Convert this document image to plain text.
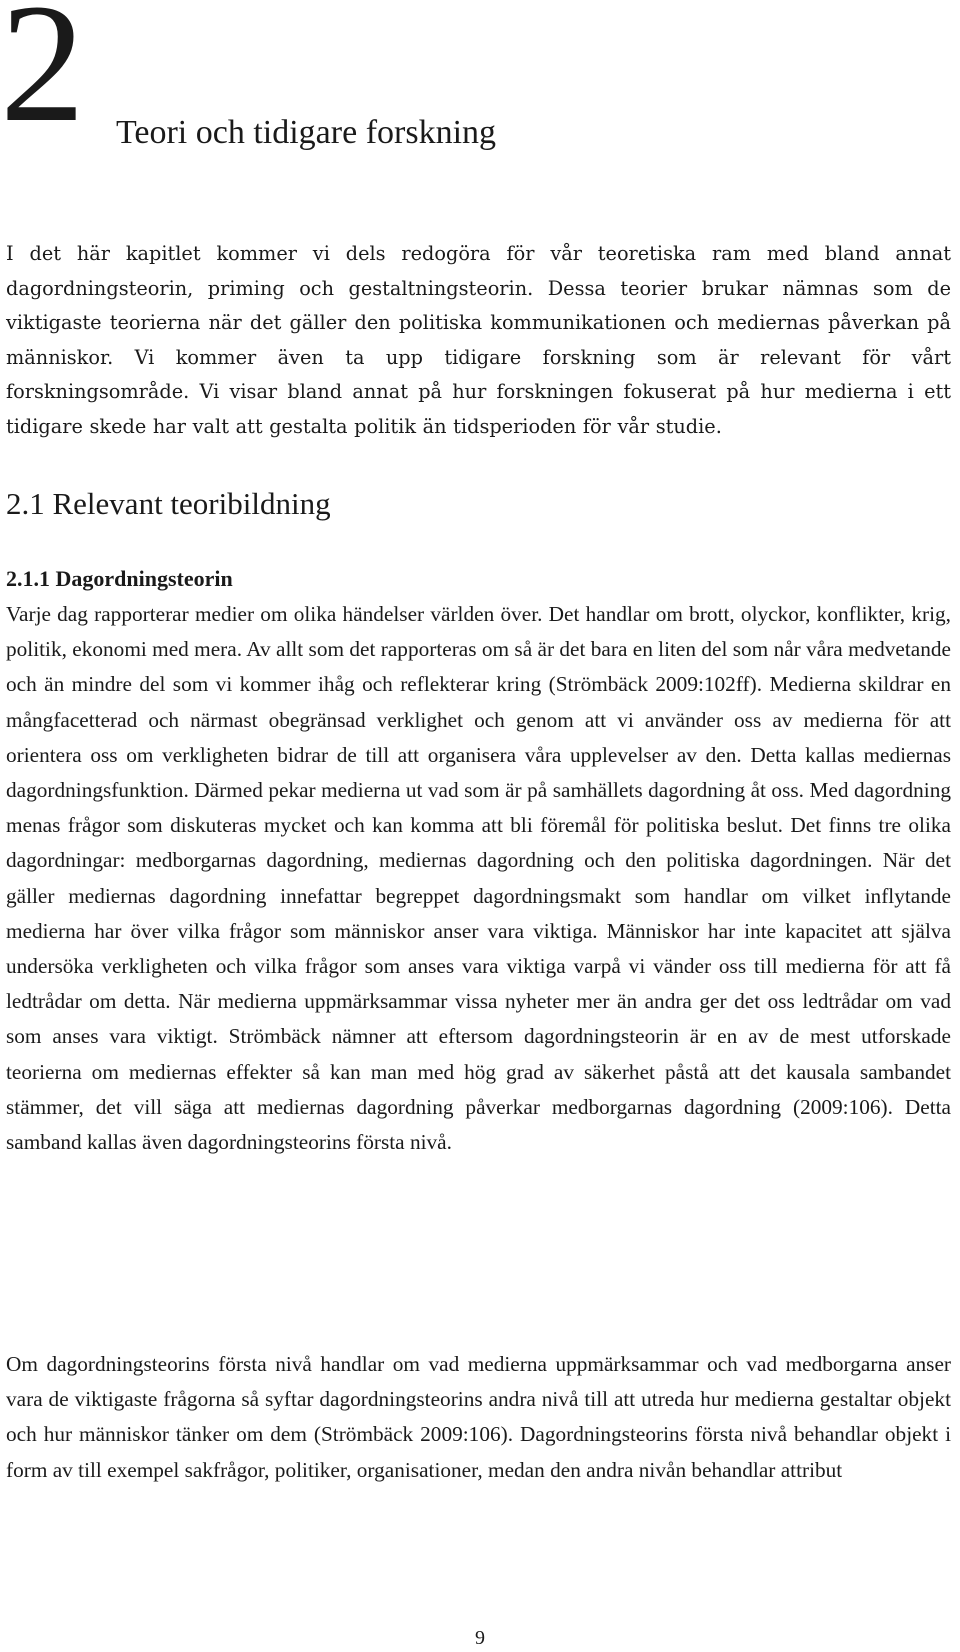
2 Teori och tidigare forskning

I det här kapitlet kommer vi dels redogöra för vår teoretiska ram med bland annat dagordningsteorin, priming och gestaltningsteorin. Dessa teorier brukar nämnas som de viktigaste teorierna när det gäller den politiska kommunikationen och mediernas påverkan på människor. Vi kommer även ta upp tidigare forskning som är relevant för vårt forskningsområde. Vi visar bland annat på hur forskningen fokuserat på hur medierna i ett tidigare skede har valt att gestalta politik än tidsperioden för vår studie.

2.1 Relevant teoribildning
2.1.1 Dagordningsteorin

Varje dag rapporterar medier om olika händelser världen över. Det handlar om brott, olyckor, konflikter, krig, politik, ekonomi med mera. Av allt som det rapporteras om så är det bara en liten del som når våra medvetande och än mindre del som vi kommer ihåg och reflekterar kring (Strömbäck 2009:102ff). Medierna skildrar en mångfacetterad och närmast obegränsad verklighet och genom att vi använder oss av medierna för att orientera oss om verkligheten bidrar de till att organisera våra upplevelser av den. Detta kallas mediernas dagordningsfunktion. Därmed pekar medierna ut vad som är på samhällets dagordning åt oss. Med dagordning menas frågor som diskuteras mycket och kan komma att bli föremål för politiska beslut. Det finns tre olika dagordningar: medborgarnas dagordning, mediernas dagordning och den politiska dagordningen. När det gäller mediernas dagordning innefattar begreppet dagordningsmakt som handlar om vilket inflytande medierna har över vilka frågor som människor anser vara viktiga. Människor har inte kapacitet att själva undersöka verkligheten och vilka frågor som anses vara viktiga varpå vi vänder oss till medierna för att få ledtrådar om detta. När medierna uppmärksammar vissa nyheter mer än andra ger det oss ledtrådar om vad som anses vara viktigt. Strömbäck nämner att eftersom dagordningsteorin är en av de mest utforskade teorierna om mediernas effekter så kan man med hög grad av säkerhet påstå att det kausala sambandet stämmer, det vill säga att mediernas dagordning påverkar medborgarnas dagordning (2009:106). Detta samband kallas även dagordningsteorins första nivå.

Om dagordningsteorins första nivå handlar om vad medierna uppmärksammar och vad medborgarna anser vara de viktigaste frågorna så syftar dagordningsteorins andra nivå till att utreda hur medierna gestaltar objekt och hur människor tänker om dem (Strömbäck 2009:106). Dagordningsteorins första nivå behandlar objekt i form av till exempel sakfrågor, politiker, organisationer, medan den andra nivån behandlar attribut

9
